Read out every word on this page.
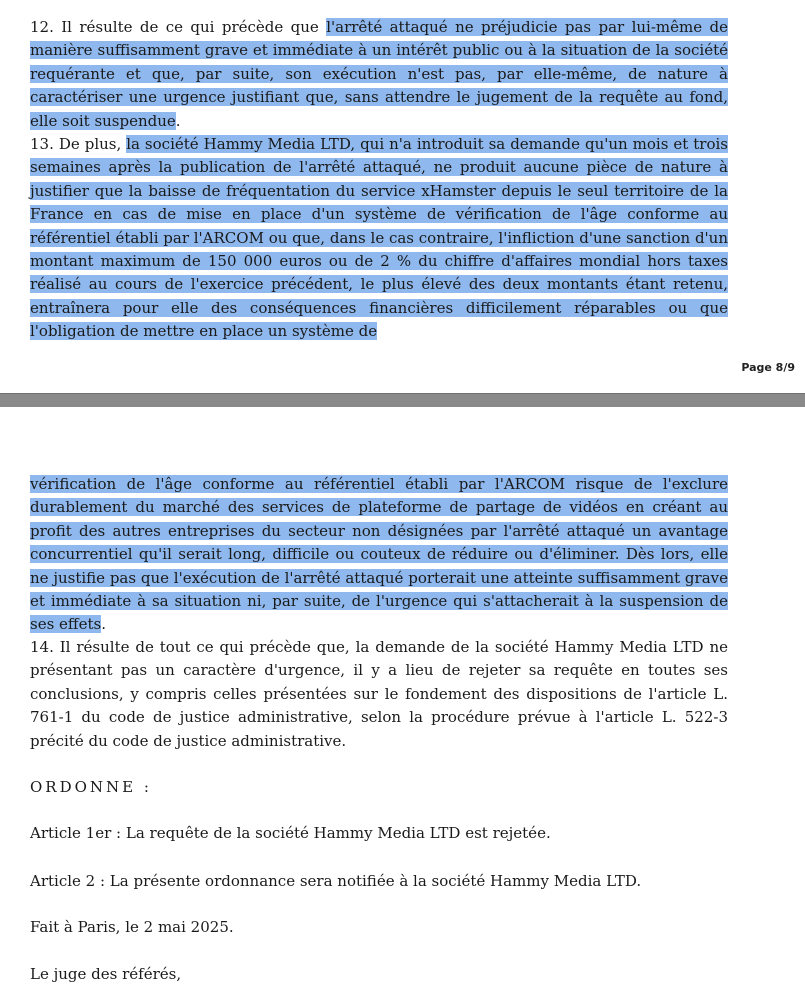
12. Il résulte de ce qui précède que l'arrêté attaqué ne préjudicie pas par lui-même de manière suffisamment grave et immédiate à un intérêt public ou à la situation de la société requérante et que, par suite, son exécution n'est pas, par elle-même, de nature à caractériser une urgence justifiant que, sans attendre le jugement de la requête au fond, elle soit suspendue.

13. De plus, la société Hammy Media LTD, qui n'a introduit sa demande qu'un mois et trois semaines après la publication de l'arrêté attaqué, ne produit aucune pièce de nature à justifier que la baisse de fréquentation du service xHamster depuis le seul territoire de la France en cas de mise en place d'un système de vérification de l'âge conforme au référentiel établi par l'ARCOM ou que, dans le cas contraire, l'infliction d'une sanction d'un montant maximum de 150 000 euros ou de 2 % du chiffre d'affaires mondial hors taxes réalisé au cours de l'exercice précédent, le plus élevé des deux montants étant retenu, entraînera pour elle des conséquences financières difficilement réparables ou que l'obligation de mettre en place un système de

Page 8/9

vérification de l'âge conforme au référentiel établi par l'ARCOM risque de l'exclure durablement du marché des services de plateforme de partage de vidéos en créant au profit des autres entreprises du secteur non désignées par l'arrêté attaqué un avantage concurrentiel qu'il serait long, difficile ou couteux de réduire ou d'éliminer. Dès lors, elle ne justifie pas que l'exécution de l'arrêté attaqué porterait une atteinte suffisamment grave et immédiate à sa situation ni, par suite, de l'urgence qui s'attacherait à la suspension de ses effets.

14. Il résulte de tout ce qui précède que, la demande de la société Hammy Media LTD ne présentant pas un caractère d'urgence, il y a lieu de rejeter sa requête en toutes ses conclusions, y compris celles présentées sur le fondement des dispositions de l'article L. 761-1 du code de justice administrative, selon la procédure prévue à l'article L. 522-3 précité du code de justice administrative.

ORDONNE :

Article 1er : La requête de la société Hammy Media LTD est rejetée.

Article 2 : La présente ordonnance sera notifiée à la société Hammy Media LTD.

Fait à Paris, le 2 mai 2025.

Le juge des référés,
